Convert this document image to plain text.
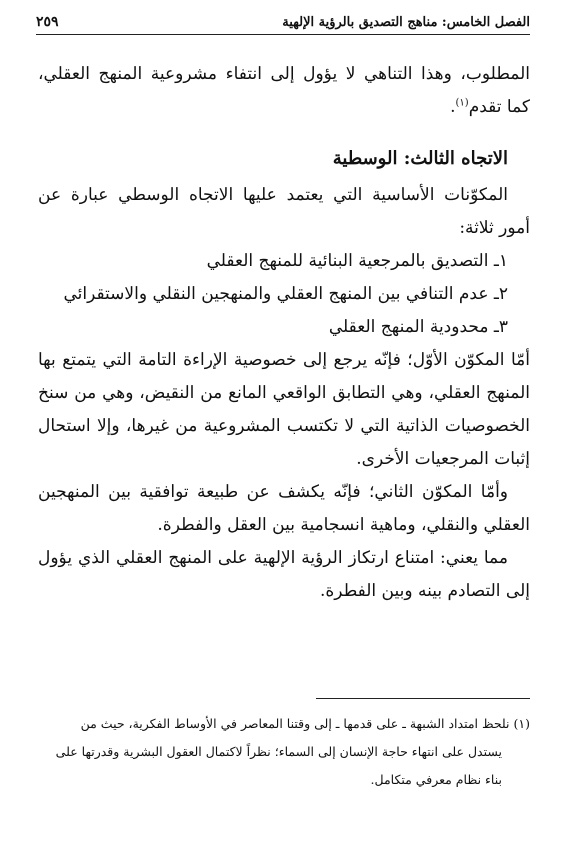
الفصل الخامس: مناهج التصديق بالرؤية الإلهية
٢٥٩

المطلوب، وهذا التناهي لا يؤول إلى انتفاء مشروعية المنهج العقلي، كما تقدم$^{(١)}$.

الاتجاه الثالث: الوسطية

المكوّنات الأساسية التي يعتمد عليها الاتجاه الوسطي عبارة عن أمور ثلاثة:

١ـ التصديق بالمرجعية البنائية للمنهج العقلي

٢ـ عدم التنافي بين المنهج العقلي والمنهجين النقلي والاستقرائي

٣ـ محدودية المنهج العقلي

أمّا المكوّن الأوّل؛ فإنّه يرجع إلى خصوصية الإراءة التامة التي يتمتع بها المنهج العقلي، وهي التطابق الواقعي المانع من النقيض، وهي من سنخ الخصوصيات الذاتية التي لا تكتسب المشروعية من غيرها، وإلا استحال إثبات المرجعيات الأخرى.

وأمّا المكوّن الثاني؛ فإنّه يكشف عن طبيعة توافقية بين المنهجين العقلي والنقلي، وماهية انسجامية بين العقل والفطرة.

مما يعني: امتناع ارتكاز الرؤية الإلهية على المنهج العقلي الذي يؤول إلى التصادم بينه وبين الفطرة.

(١) نلحظ امتداد الشبهة ـ على قدمها ـ إلى وقتنا المعاصر في الأوساط الفكرية، حيث من

يستدل على انتهاء حاجة الإنسان إلى السماء؛ نظراً لاكتمال العقول البشرية وقدرتها على

بناء نظام معرفي متكامل.
